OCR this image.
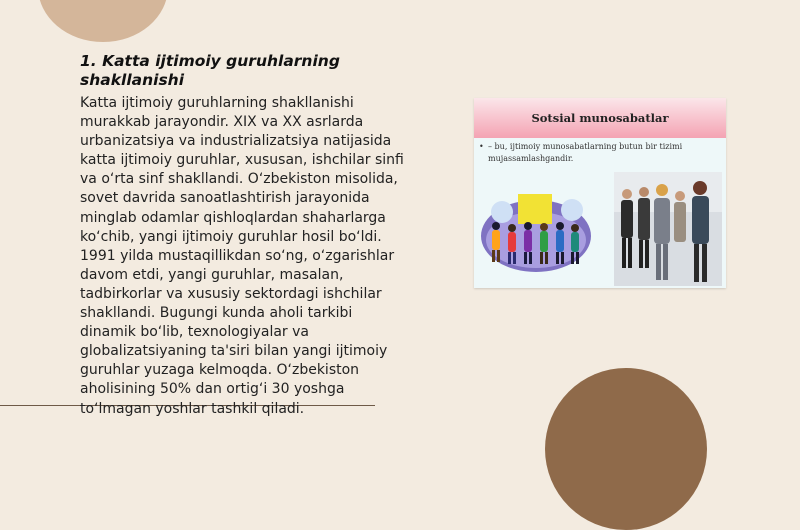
1. Katta ijtimoiy guruhlarning shakllanishi
Katta ijtimoiy guruhlarning shakllanishi murakkab jarayondir. XIX va XX asrlarda urbanizatsiya va industrializatsiya natijasida katta ijtimoiy guruhlar, xususan, ishchilar sinfi va o‘rta sinf shakllandi. O‘zbekiston misolida, sovet davrida sanoatlashtirish jarayonida minglab odamlar qishloqlardan shaharlarga ko‘chib, yangi ijtimoiy guruhlar hosil bo‘ldi. 1991 yilda mustaqillikdan so‘ng, o‘zgarishlar davom etdi, yangi guruhlar, masalan, tadbirkorlar va xususiy sektordagi ishchilar shakllandi. Bugungi kunda aholi tarkibi dinamik bo‘lib, texnologiyalar va globalizatsiyaning ta'siri bilan yangi ijtimoiy guruhlar yuzaga kelmoqda. O‘zbekiston aholisining 50% dan ortig‘i 30 yoshga to‘lmagan yoshlar tashkil qiladi.
Sotsial munosabatlar
• – bu, ijtimoiy munosabatlarning butun bir tizimi mujassamlashgandir.
